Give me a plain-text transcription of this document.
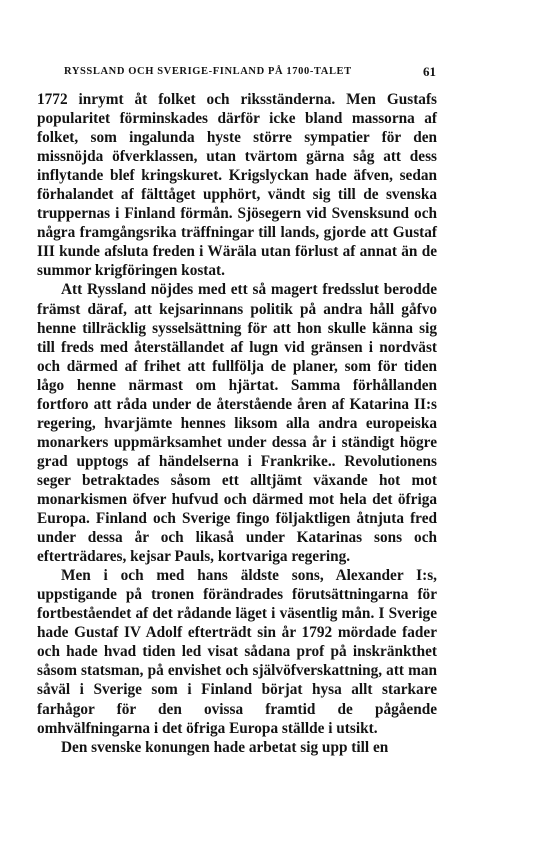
RYSSLAND OCH SVERIGE-FINLAND PÅ 1700-TALET	61

1772 inrymt åt folket och riksständerna. Men Gustafs popularitet förminskades därför icke bland massorna af folket, som ingalunda hyste större sympatier för den missnöjda öfverklassen, utan tvärtom gärna såg att dess inflytande blef kringskuret. Krigslyckan hade äfven, sedan förhalandet af fälttåget upphört, vändt sig till de svenska truppernas i Finland förmån. Sjösegern vid Svensksund och några framgångsrika träffningar till lands, gjorde att Gustaf III kunde afsluta freden i Wäräla utan förlust af annat än de summor krigföringen kostat.

Att Ryssland nöjdes med ett så magert fredsslut berodde främst däraf, att kejsarinnans politik på andra håll gåfvo henne tillräcklig sysselsättning för att hon skulle känna sig till freds med återställandet af lugn vid gränsen i nordväst och därmed af frihet att fullfölja de planer, som för tiden lågo henne närmast om hjärtat. Samma förhållanden fortforo att råda under de återstående åren af Katarina II:s regering, hvarjämte hennes liksom alla andra europeiska monarkers uppmärksamhet under dessa år i ständigt högre grad upptogs af händelserna i Frankrike.. Revolutionens seger betraktades såsom ett alltjämt växande hot mot monarkismen öfver hufvud och därmed mot hela det öfriga Europa. Finland och Sverige fingo följaktligen åtnjuta fred under dessa år och likaså under Katarinas sons och efterträdares, kejsar Pauls, kortvariga regering.

Men i och med hans äldste sons, Alexander I:s, uppstigande på tronen förändrades förutsättningarna för fortbeståendet af det rådande läget i väsentlig mån. I Sverige hade Gustaf IV Adolf efterträdt sin år 1792 mördade fader och hade hvad tiden led visat sådana prof på inskränkthet såsom statsman, på envishet och självöfverskattning, att man såväl i Sverige som i Finland börjat hysa allt starkare farhågor för den ovissa framtid de pågående omhvälfningarna i det öfriga Europa ställde i utsikt.

Den svenske konungen hade arbetat sig upp till en
